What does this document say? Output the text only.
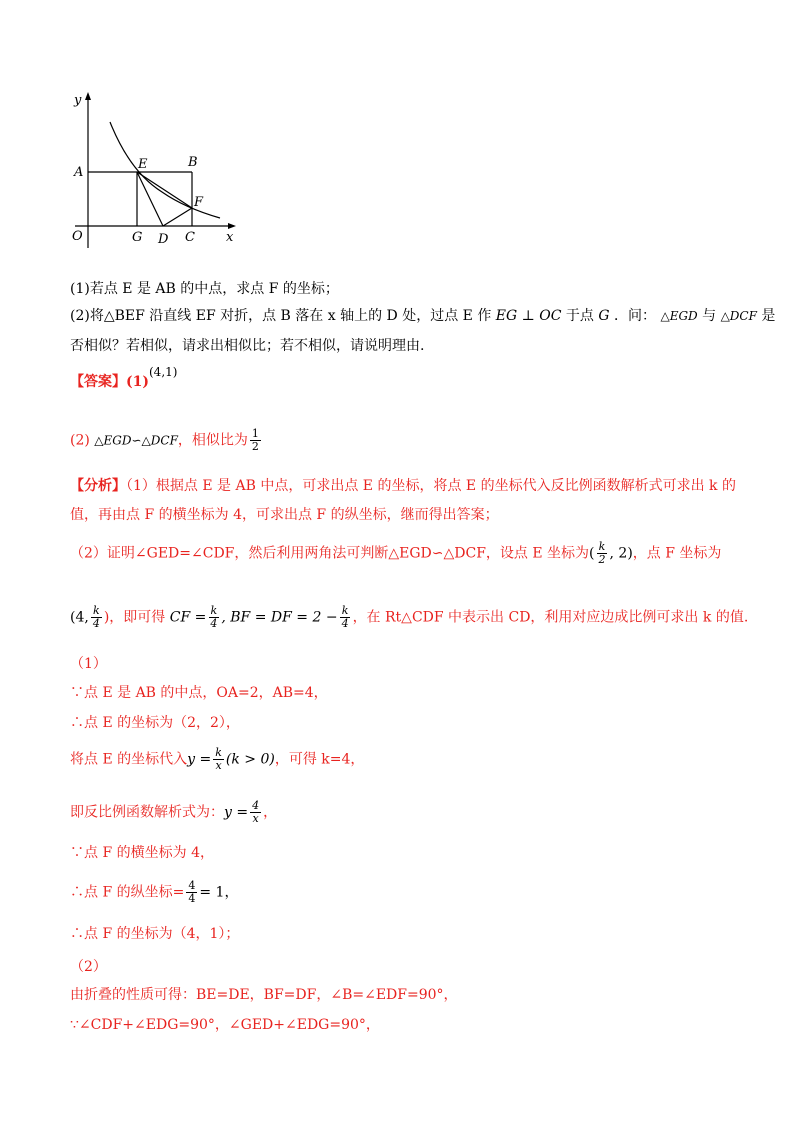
y
x
O
A
B
E
F
G D C
(1)若点 E 是 AB 的中点，求点 F 的坐标；
(2)将△BEF 沿直线 EF 对折，点 B 落在 x 轴上的 D 处，过点 E 作 EG ⊥ OC 于点 G ．问： △EGD 与 △DCF 是
否相似？若相似，请求出相似比；若不相似，请说明理由.
【答案】(1)(4,1)
(2) △EGD∽△DCF，相似比为 $\frac{1}{2}$
【分析】（1）根据点 E 是 AB 中点，可求出点 E 的坐标，将点 E 的坐标代入反比例函数解析式可求出 k 的
值，再由点 F 的横坐标为 4，可求出点 F 的纵坐标，继而得出答案；
（2）证明∠GED=∠CDF，然后利用两角法可判断△EGD∽△DCF，设点 E 坐标为( $\frac{k}{2}$ , 2)，点 F 坐标为
(4, $\frac{k}{4}$ )，即可得 CF = $\frac{k}{4}$ , BF = DF = $2 - \frac{k}{4}$ ，在 Rt△CDF 中表示出 CD，利用对应边成比例可求出 k 的值.
（1）
∵点 E 是 AB 的中点，OA=2，AB=4，
∴点 E 的坐标为（2，2），
将点 E 的坐标代入$y = \frac{k}{x} (k > 0)$，可得 k=4，
即反比例函数解析式为：$y = \frac{4}{x}$ ，
∵点 F 的横坐标为 4，
∴点 F 的纵坐标= $\frac{4}{4} = 1$，
∴点 F 的坐标为（4，1）；
（2）
由折叠的性质可得：BE=DE，BF=DF，∠B=∠EDF=90°，
∵∠CDF+∠EDG=90°，∠GED+∠EDG=90°，
